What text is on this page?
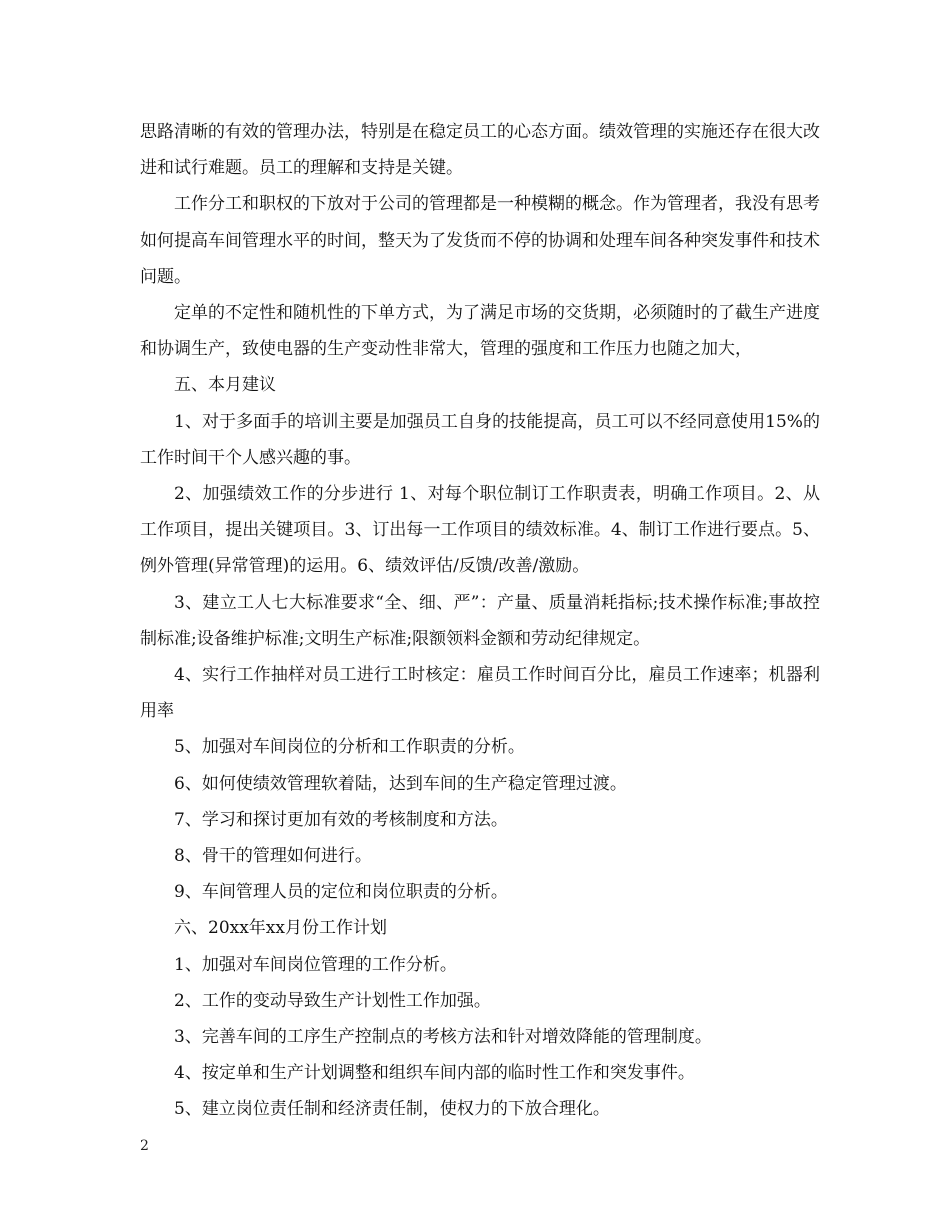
思路清晰的有效的管理办法，特别是在稳定员工的心态方面。绩效管理的实施还存在很大改进和试行难题。员工的理解和支持是关键。

工作分工和职权的下放对于公司的管理都是一种模糊的概念。作为管理者，我没有思考如何提高车间管理水平的时间，整天为了发货而不停的协调和处理车间各种突发事件和技术问题。

定单的不定性和随机性的下单方式，为了满足市场的交货期，必须随时的了截生产进度和协调生产，致使电器的生产变动性非常大，管理的强度和工作压力也随之加大，

五、本月建议

1、对于多面手的培训主要是加强员工自身的技能提高，员工可以不经同意使用15%的工作时间干个人感兴趣的事。

2、加强绩效工作的分步进行 1、对每个职位制订工作职责表，明确工作项目。2、从工作项目，提出关键项目。3、订出每一工作项目的绩效标准。4、制订工作进行要点。5、例外管理(异常管理)的运用。6、绩效评估/反馈/改善/激励。

3、建立工人七大标准要求“全、细、严”：产量、质量消耗指标;技术操作标准;事故控制标准;设备维护标准;文明生产标准;限额领料金额和劳动纪律规定。

4、实行工作抽样对员工进行工时核定：雇员工作时间百分比，雇员工作速率；机器利用率

5、加强对车间岗位的分析和工作职责的分析。

6、如何使绩效管理软着陆，达到车间的生产稳定管理过渡。

7、学习和探讨更加有效的考核制度和方法。

8、骨干的管理如何进行。

9、车间管理人员的定位和岗位职责的分析。

六、20xx年xx月份工作计划

1、加强对车间岗位管理的工作分析。

2、工作的变动导致生产计划性工作加强。

3、完善车间的工序生产控制点的考核方法和针对增效降能的管理制度。

4、按定单和生产计划调整和组织车间内部的临时性工作和突发事件。

5、建立岗位责任制和经济责任制，使权力的下放合理化。

2
